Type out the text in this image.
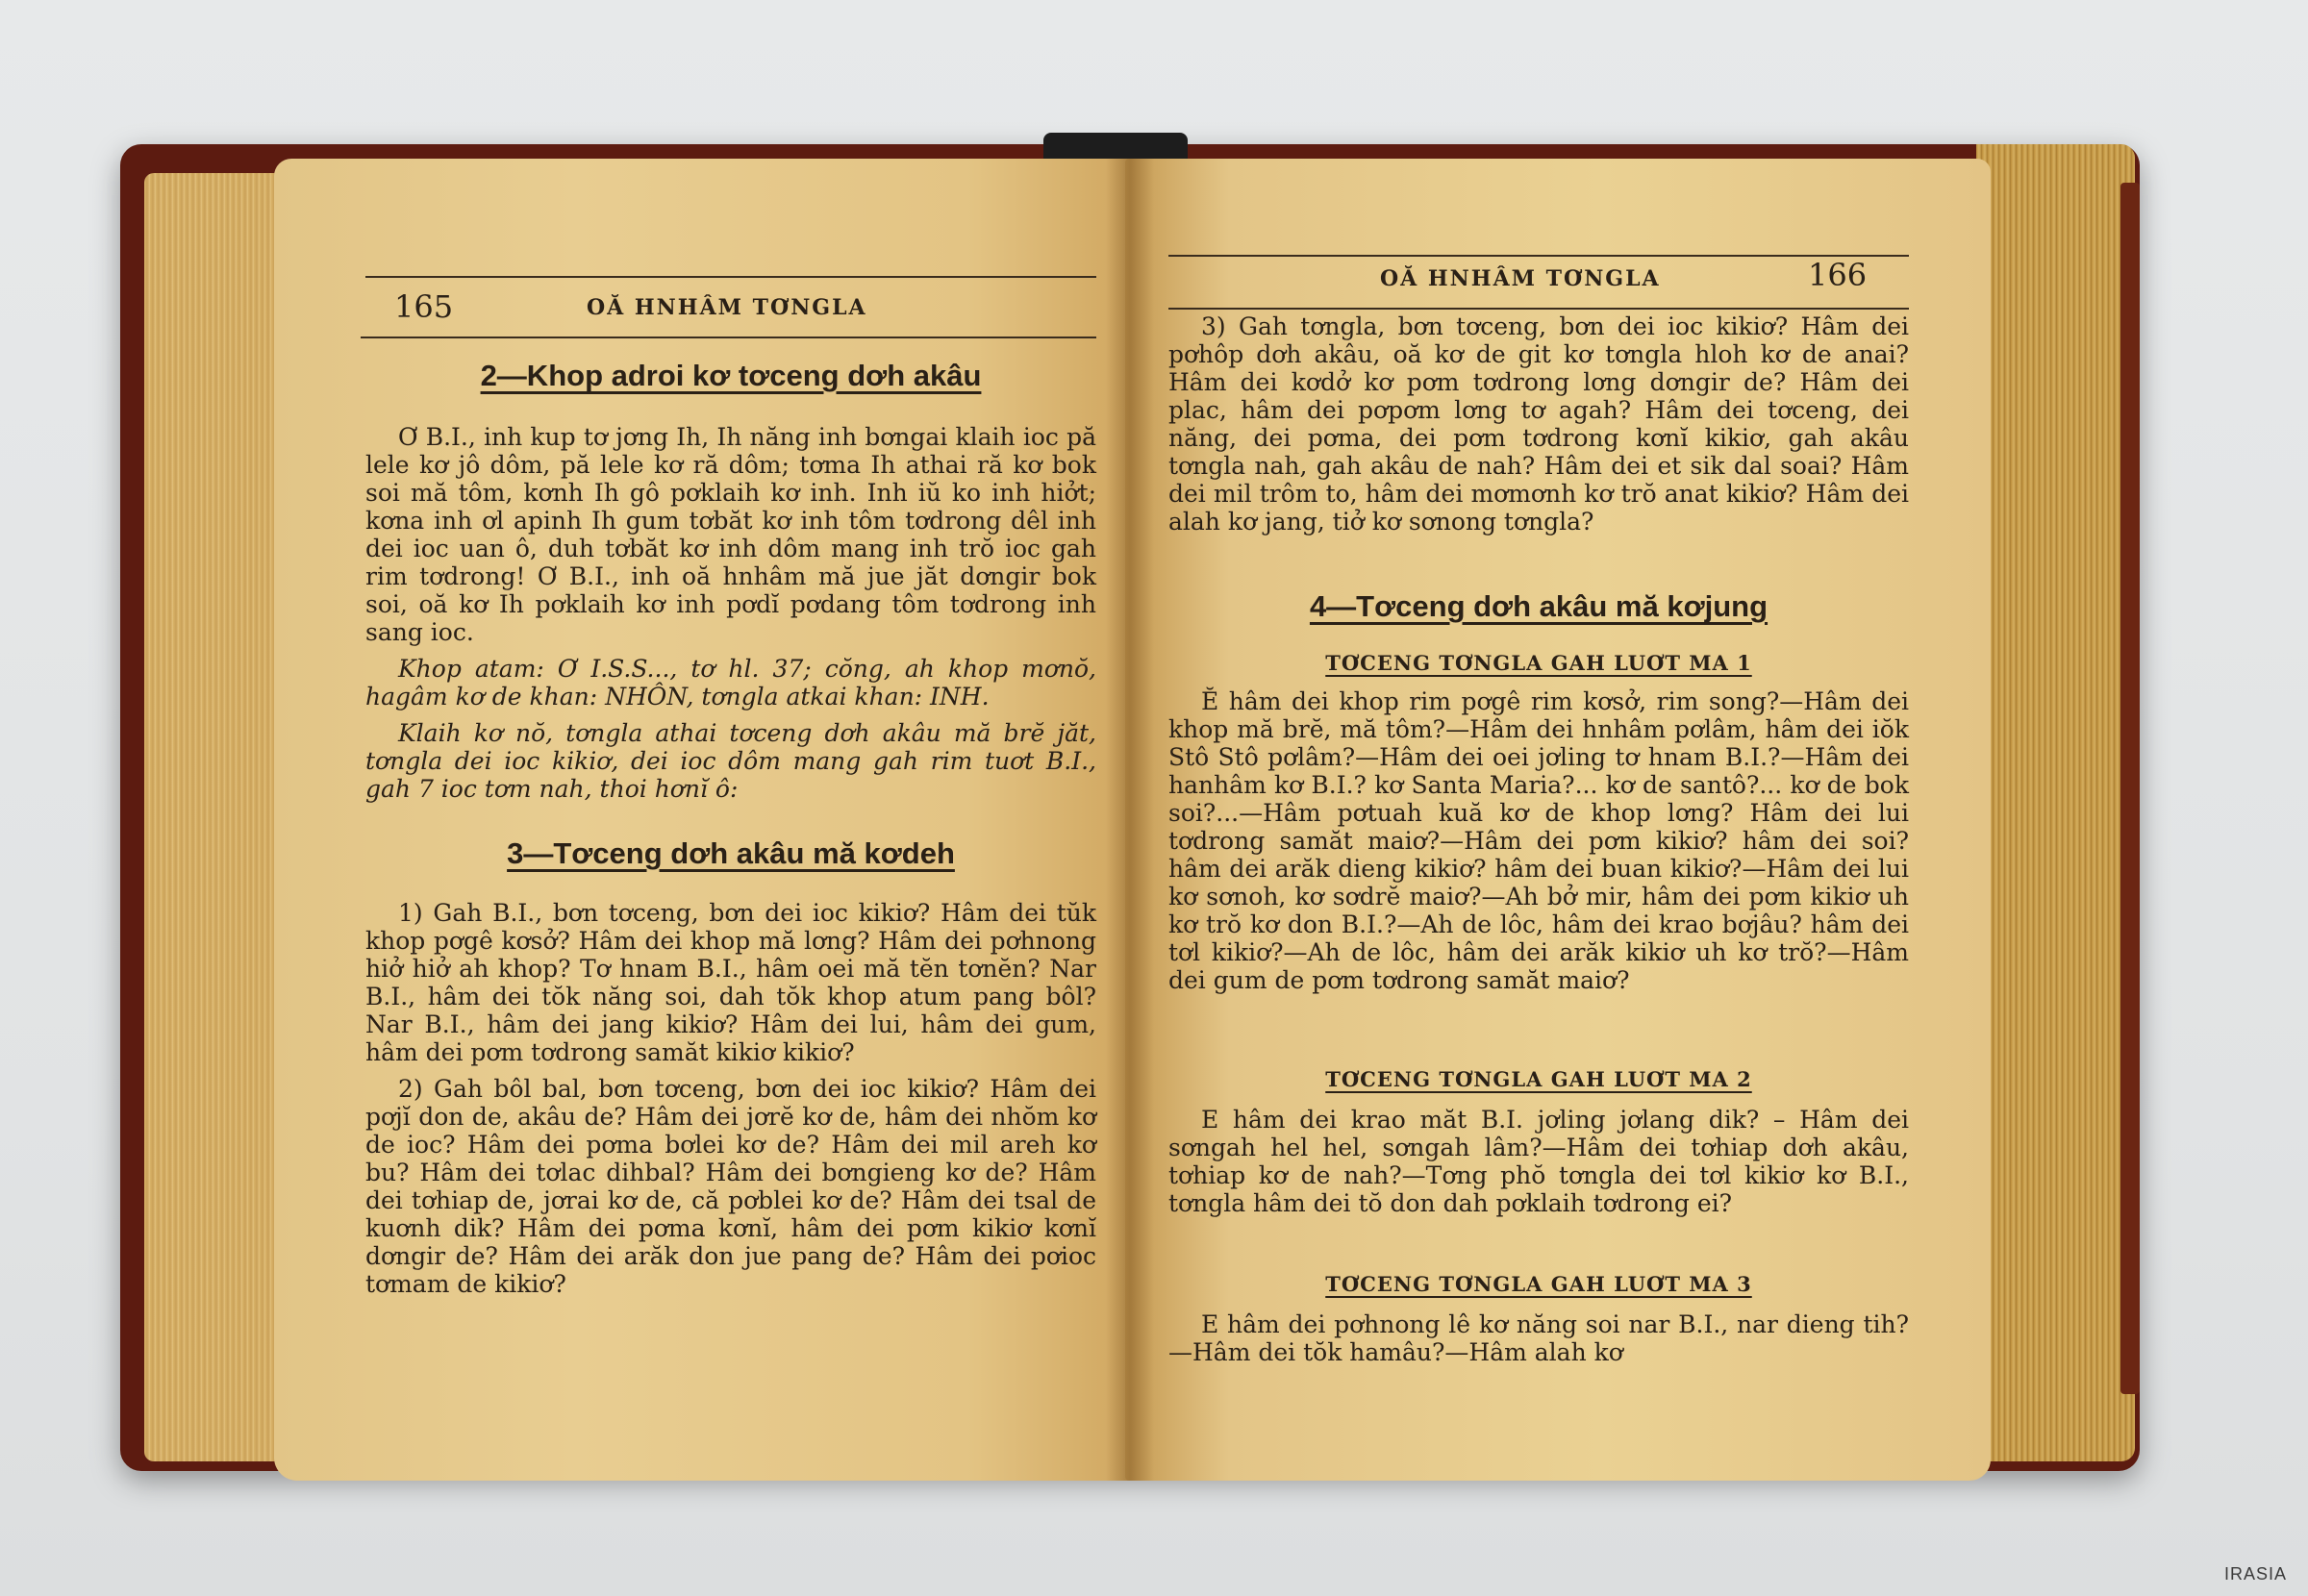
165	OĂ HNHÂM TƠNGLA
2—Khop adroi kơ tơceng dơh akâu

Ơ B.I., inh kup tơ jơng Ih, Ih năng inh bơngai klaih ioc pă lele kơ jô dôm, pă lele kơ ră dôm; tơma Ih athai ră kơ bok soi mă tôm, kơnh Ih gô pơklaih kơ inh. Inh iŭ ko inh hiởt; kơna inh ơl apinh Ih gum tơbăt kơ inh tôm tơdrong dêl inh dei ioc uan ô, duh tơbăt kơ inh dôm mang inh trŏ ioc gah rim tơdrong! Ơ B.I., inh oă hnhâm mă jue jăt dơngir bok soi, oă kơ Ih pơklaih kơ inh pơdĭ pơdang tôm tơdrong inh sang ioc.

Khop atam: Ơ I.S.S..., tơ hl. 37; cŏng, ah khop mơnŏ, hagâm kơ de khan: NHÔN, tơngla atkai khan: INH.

Klaih kơ nŏ, tơngla athai tơceng dơh akâu mă brĕ jăt, tơngla dei ioc kikiơ, dei ioc dôm mang gah rim tuơt B.I., gah 7 ioc tơm nah, thoi hơnĭ ô:

3—Tơceng dơh akâu mă kơdeh

1) Gah B.I., bơn tơceng, bơn dei ioc kikiơ? Hâm dei tŭk khop pơgê kơsở? Hâm dei khop mă lơng? Hâm dei pơhnong hiở hiở ah khop? Tơ hnam B.I., hâm oei mă tĕn tơnĕn? Nar B.I., hâm dei tŏk năng soi, dah tŏk khop atum pang bôl? Nar B.I., hâm dei jang kikiơ? Hâm dei lui, hâm dei gum, hâm dei pơm tơdrong samăt kikiơ kikiơ?

2) Gah bôl bal, bơn tơceng, bơn dei ioc kikiơ? Hâm dei pơjĭ don de, akâu de? Hâm dei jơrĕ kơ de, hâm dei nhŏm kơ de ioc? Hâm dei pơma bơlei kơ de? Hâm dei mil areh kơ bu? Hâm dei tơlac dihbal? Hâm dei bơngieng kơ de? Hâm dei tơhiap de, jơrai kơ de, că pơblei kơ de? Hâm dei tsal de kuơnh dik? Hâm dei pơma kơnĭ, hâm dei pơm kikiơ kơnĭ dơngir de? Hâm dei arăk don jue pang de? Hâm dei pơioc tơmam de kikiơ?

OĂ HNHÂM TƠNGLA	166

3) Gah tơngla, bơn tơceng, bơn dei ioc kikiơ? Hâm dei pơhôp dơh akâu, oă kơ de git kơ tơngla hloh kơ de anai? Hâm dei kơdở kơ pơm tơdrong lơng dơngir de? Hâm dei plac, hâm dei pơpơm lơng tơ agah? Hâm dei tơceng, dei năng, dei pơma, dei pơm tơdrong kơnĭ kikiơ, gah akâu tơngla nah, gah akâu de nah? Hâm dei et sik dal soai? Hâm dei mil trôm to, hâm dei mơmơnh kơ trŏ anat kikiơ? Hâm dei alah kơ jang, tiở kơ sơnong tơngla?

4—Tơceng dơh akâu mă kơjung
TƠCENG TƠNGLA GAH LUƠT MA 1

Ĕ hâm dei khop rim pơgê rim kơsở, rim song?—Hâm dei khop mă brĕ, mă tôm?—Hâm dei hnhâm pơlâm, hâm dei iŏk Stô Stô pơlâm?—Hâm dei oei jơling tơ hnam B.I.?—Hâm dei hanhâm kơ B.I.? kơ Santa Maria?... kơ de santô?... kơ de bok soi?...—Hâm pơtuah kuă kơ de khop lơng? Hâm dei lui tơdrong samăt maiơ?—Hâm dei pơm kikiơ? hâm dei soi? hâm dei arăk dieng kikiơ? hâm dei buan kikiơ?—Hâm dei lui kơ sơnoh, kơ sơdrĕ maiơ?—Ah bở mir, hâm dei pơm kikiơ uh kơ trŏ kơ don B.I.?—Ah de lôc, hâm dei krao bơjâu? hâm dei tơl kikiơ?—Ah de lôc, hâm dei arăk kikiơ uh kơ trŏ?—Hâm dei gum de pơm tơdrong samăt maiơ?

TƠCENG TƠNGLA GAH LUƠT MA 2

E hâm dei krao măt B.I. jơling jơlang dik? – Hâm dei sơngah hel hel, sơngah lâm?—Hâm dei tơhiap dơh akâu, tơhiap kơ de nah?—Tơng phŏ tơngla dei tơl kikiơ kơ B.I., tơngla hâm dei tŏ don dah pơklaih tơdrong ei?

TƠCENG TƠNGLA GAH LUƠT MA 3

E hâm dei pơhnong lê kơ năng soi nar B.I., nar dieng tih?—Hâm dei tŏk hamâu?—Hâm alah kơ

IRASIA
